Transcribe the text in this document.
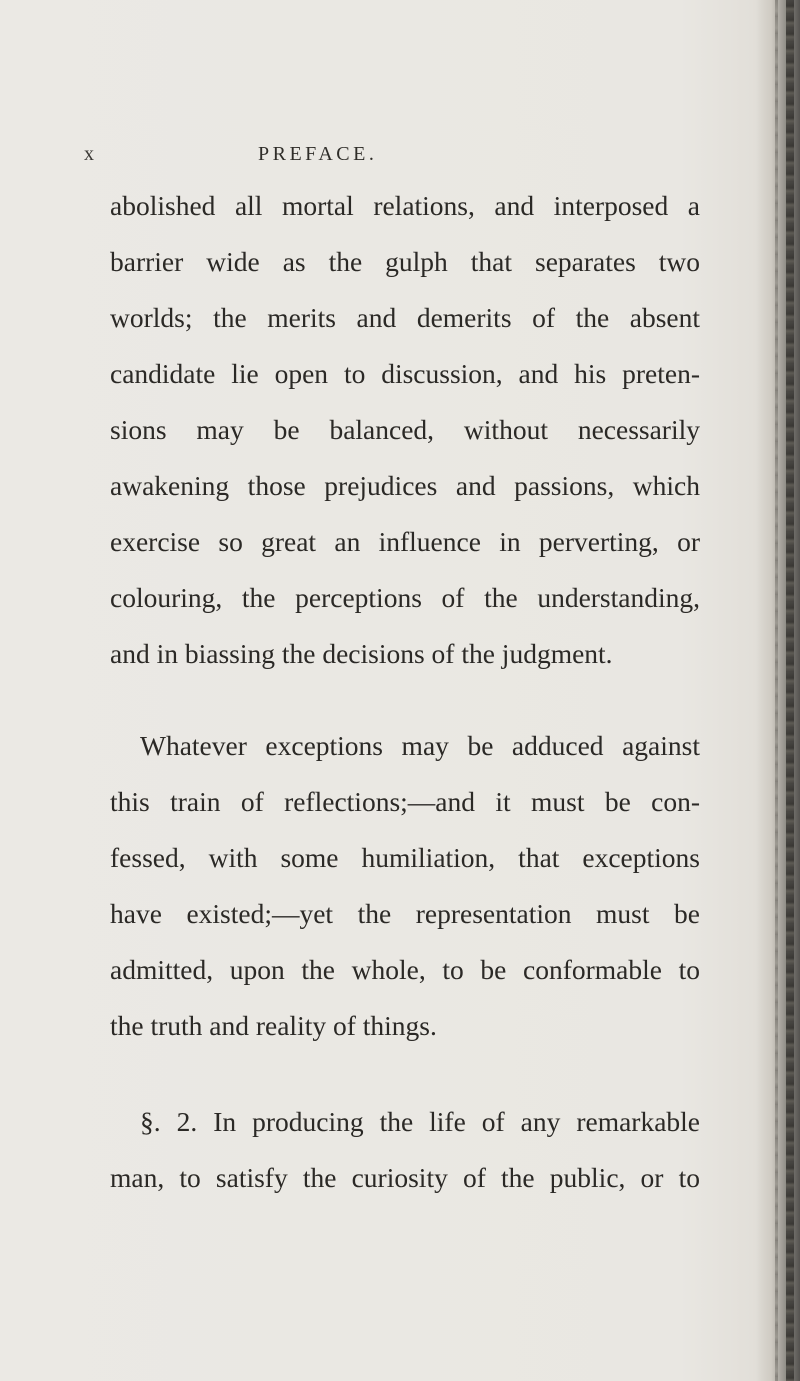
x	PREFACE.
abolished all mortal relations, and interposed a
barrier wide as the gulph that separates two
worlds; the merits and demerits of the absent
candidate lie open to discussion, and his preten-
sions may be balanced, without necessarily
awakening those prejudices and passions, which
exercise so great an influence in perverting, or
colouring, the perceptions of the understanding,
and in biassing the decisions of the judgment.
Whatever exceptions may be adduced against
this train of reflections;—and it must be con-
fessed, with some humiliation, that exceptions
have existed;—yet the representation must be
admitted, upon the whole, to be conformable to
the truth and reality of things.
§. 2. In producing the life of any remarkable
man, to satisfy the curiosity of the public, or to
